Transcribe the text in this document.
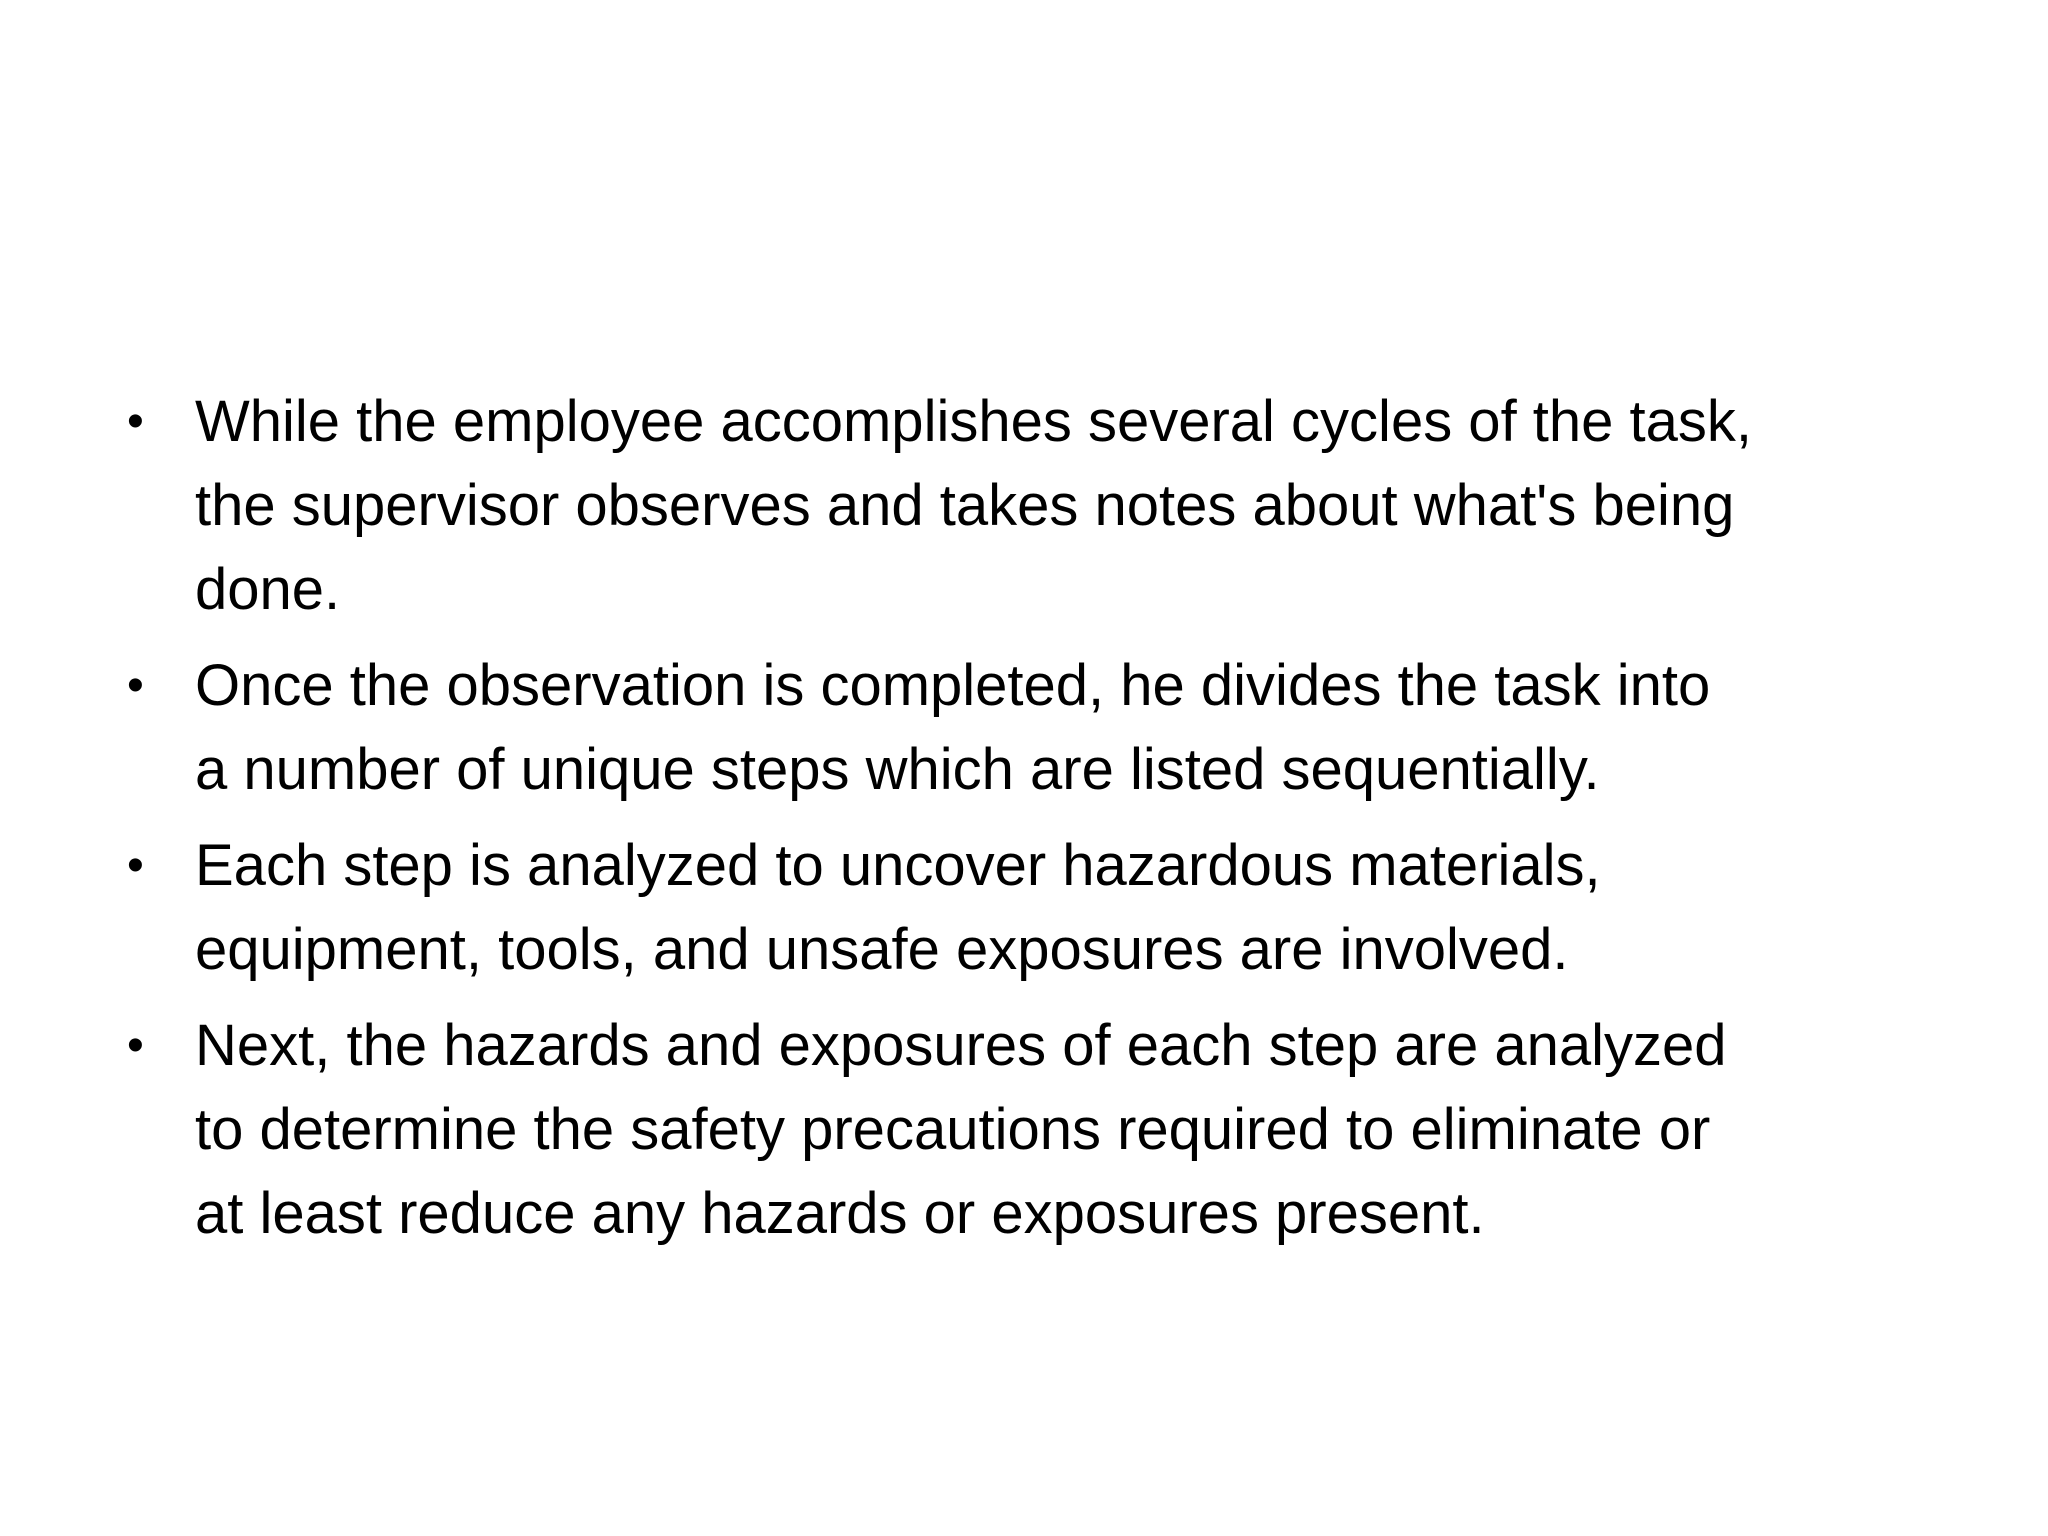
• While the employee accomplishes several cycles of the task,
the supervisor observes and takes notes about what's being
done.
• Once the observation is completed, he divides the task into
a number of unique steps which are listed sequentially.
• Each step is analyzed to uncover hazardous materials,
equipment, tools, and unsafe exposures are involved.
• Next, the hazards and exposures of each step are analyzed
to determine the safety precautions required to eliminate or
at least reduce any hazards or exposures present.
